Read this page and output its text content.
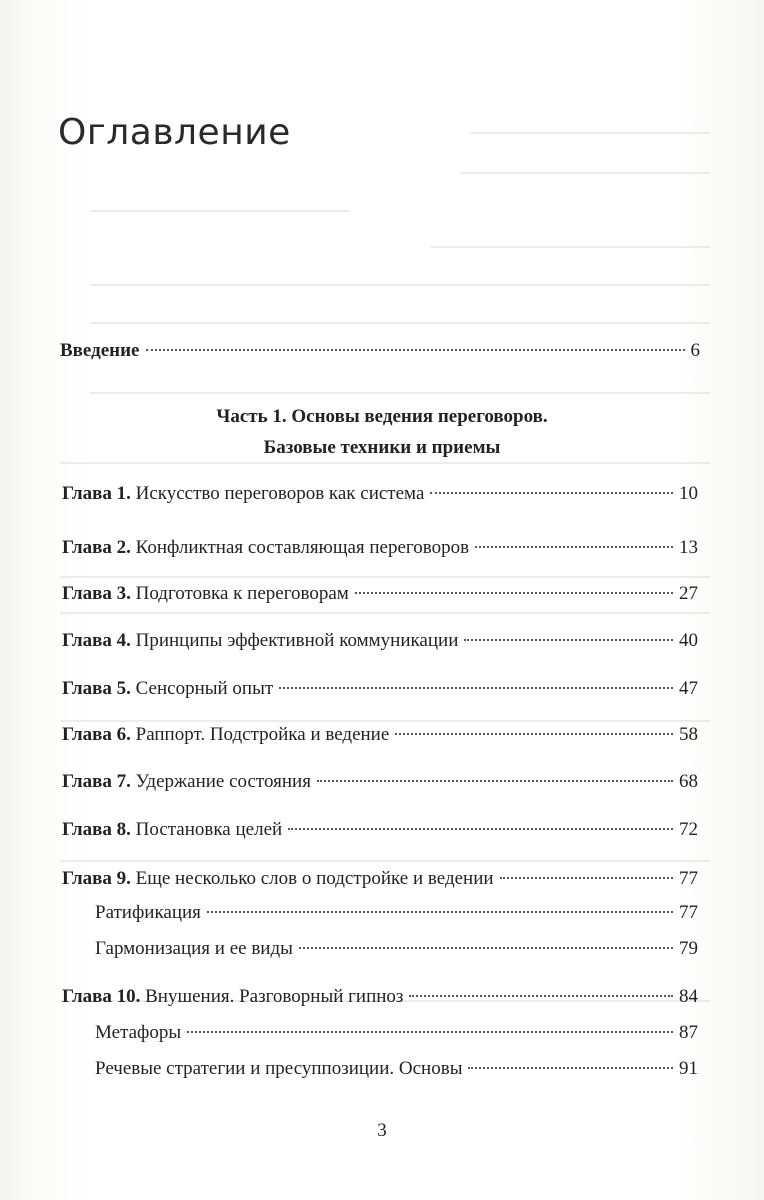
Оглавление
Введение	6
Часть 1. Основы ведения переговоров.
Базовые техники и приемы
Глава 1. Искусство переговоров как система	10
Глава 2. Конфликтная составляющая переговоров	13
Глава 3. Подготовка к переговорам	27
Глава 4. Принципы эффективной коммуникации	40
Глава 5. Сенсорный опыт	47
Глава 6. Раппорт. Подстройка и ведение	58
Глава 7. Удержание состояния	68
Глава 8. Постановка целей	72
Глава 9. Еще несколько слов о подстройке и ведении	77
Ратификация	77
Гармонизация и ее виды	79
Глава 10. Внушения. Разговорный гипноз	84
Метафоры	87
Речевые стратегии и пресуппозиции. Основы	91
3
